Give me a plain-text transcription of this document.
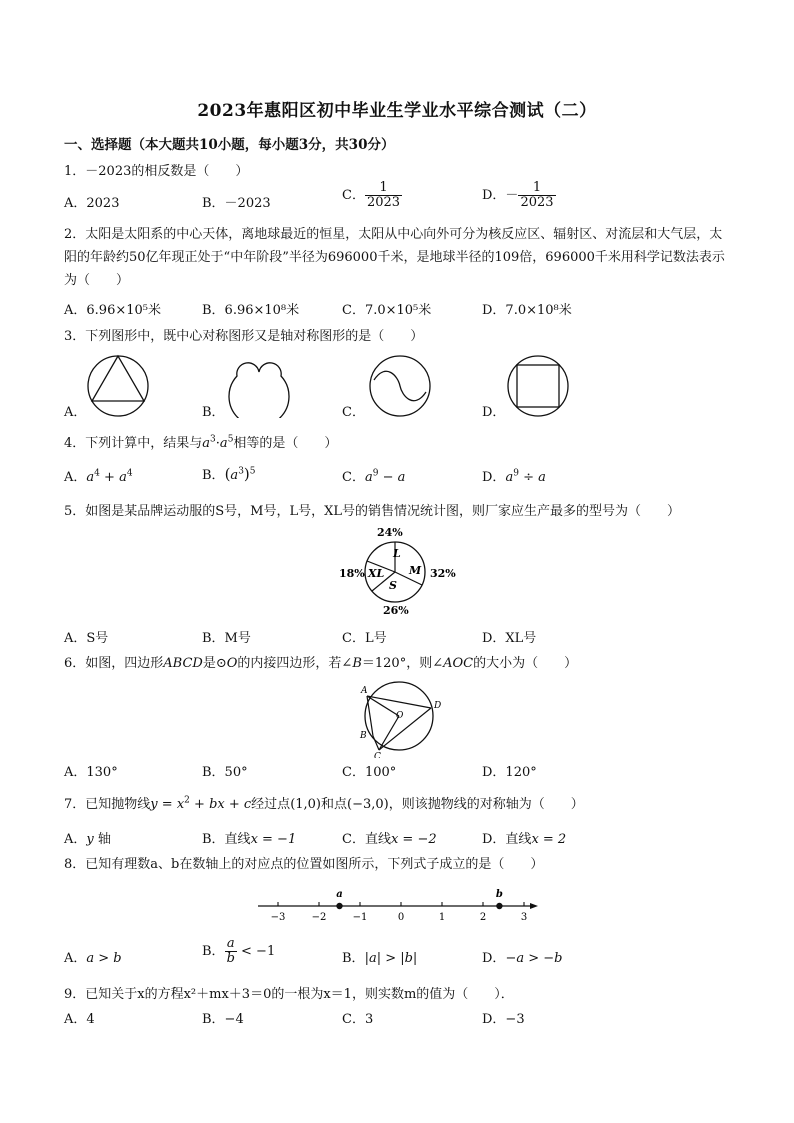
2023年惠阳区初中毕业生学业水平综合测试（二）
一、选择题（本大题共10小题，每小题3分，共30分）
1．－2023的相反数是（　　）
A．2023	B．－2023
C． $\frac{1}{2023}$	D．－ $\frac{1}{2023}$
2．太阳是太阳系的中心天体，离地球最近的恒星，太阳从中心向外可分为核反应区、辐射区、对流层和大气层，太阳的年龄约50亿年现正处于“中年阶段”半径为696000千米，是地球半径的109倍，696000千米用科学记数法表示为（　　）
A．6.96×10⁵米	B．6.96×10⁸米	C．7.0×10⁵米	D．7.0×10⁸米
3．下列图形中，既中心对称图形又是轴对称图形的是（　　）
A．	B．	C．	D．
4．下列计算中，结果与$a^3\cdot a^5$相等的是（　　）
A．$a^4 + a^4$	B．$(a^3)^5$	C．$a^9 - a$	D．$a^9 \div a$
5．如图是某品牌运动服的S号，M号，L号，XL号的销售情况统计图，则厂家应生产最多的型号为（　　）
L
M
S
XL
24%
32%
26%
18%
A．S号	B．M号	C．L号	D．XL号
6．如图，四边形ABCD是⊙O的内接四边形，若∠B＝120°，则∠AOC的大小为（　　）
A
B
C
D
O
A．130°	B．50°	C．100°	D．120°
7．已知抛物线$y = x^2$ + bx + c经过点(1,0)和点(−3,0)，则该抛物线的对称轴为（　　）
A．y 轴	B．直线x = −1	C．直线x = −2	D．直线x = 2
8．已知有理数a、b在数轴上的对应点的位置如图所示，下列式子成立的是（　　）
−3	−2	−1	0	1	2	3
a	b
A．a > b	B． $\frac{a}{b} < -1$	B．|a| > |b|	D．−a > −b
9．已知关于x的方程x²＋mx＋3＝0的一根为x＝1，则实数m的值为（　　）．
A．4	B．−4	C．3	D．−3
